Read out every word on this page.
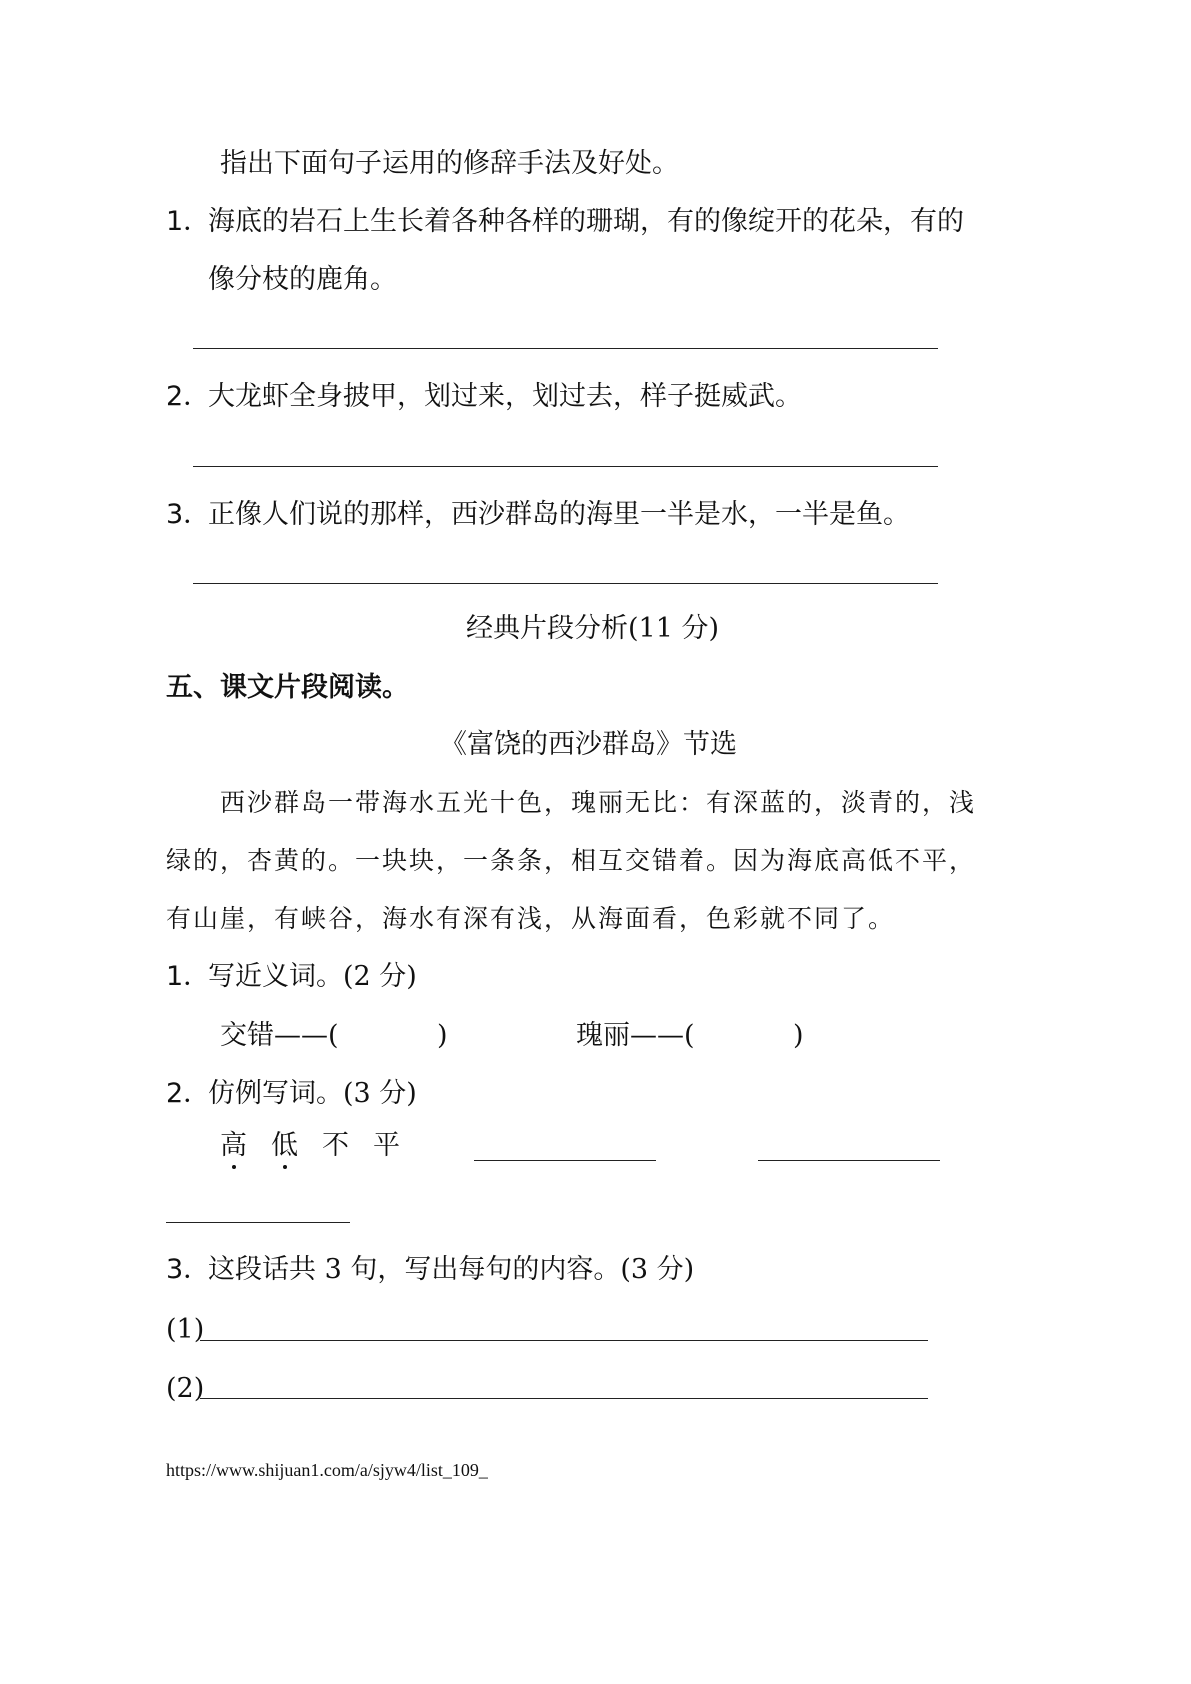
指出下面句子运用的修辞手法及好处。
1．
海底的岩石上生长着各种各样的珊瑚，有的像绽开的花朵，有的
像分枝的鹿角。
2．
大龙虾全身披甲，划过来，划过去，样子挺威武。
3．
正像人们说的那样，西沙群岛的海里一半是水，一半是鱼。
经典片段分析(11 分)
五、课文片段阅读。
《富饶的西沙群岛》节选
西沙群岛一带海水五光十色，瑰丽无比：有深蓝的，淡青的，浅
绿的，杏黄的。一块块，一条条，相互交错着。因为海底高低不平，
有山崖，有峡谷，海水有深有浅，从海面看，色彩就不同了。
1．
写近义词。(2 分)
交错——(	)	瑰丽——(	)
2．
仿例写词。(3 分)
高 低 不 平
3．
这段话共 3 句，写出每句的内容。(3 分)
(1)
(2)
https://www.shijuan1.com/a/sjyw4/list_109_
